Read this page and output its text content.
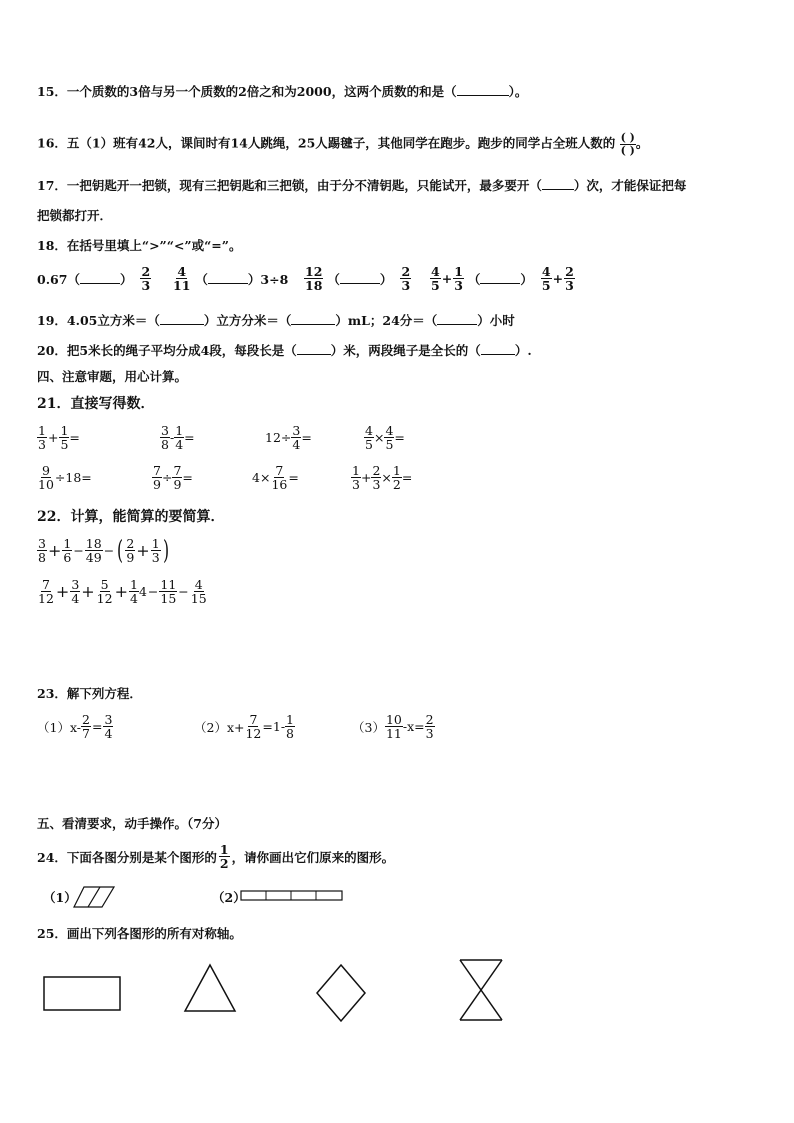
15．一个质数的3倍与另一个质数的2倍之和为2000，这两个质数的和是（	）。
16．五（1）班有42人，课间时有14人跳绳，25人踢毽子，其他同学在跑步。跑步的同学占全班人数的 $\frac{( )}{( )}$ 。
17．一把钥匙开一把锁，现有三把钥匙和三把锁，由于分不清钥匙，只能试开，最多要开（	）次，才能保证把每
把锁都打开．
18．在括号里填上“>”“<”或“=”。
0.67（	） $\frac{2}{3} \frac{4}{11}$ （	）$3\div 8 \frac{12}{18}$ （	） $\frac{2}{3} \frac{4}{5} + \frac{1}{3}$ （	） $\frac{4}{5} + \frac{2}{3}$
19．4.05立方米＝（	）立方分米＝（	）mL；24分＝（	）小时
20．把5米长的绳子平均分成4段，每段长是（	）米，两段绳子是全长的（	）.
四、注意审题，用心计算。
21．直接写得数．
$\frac{1}{3} + \frac{1}{5}$ =	$\frac{3}{8} - \frac{1}{4}$ =	$12\div \frac{3}{4}$ =	$\frac{4}{5} \times \frac{4}{5}$ =
$\frac{9}{10} \div 18=$	$\frac{7}{9} \div \frac{7}{9}$ =	$4\times \frac{7}{16}$ =	$\frac{1}{3} + \frac{2}{3} \times \frac{1}{2}$ =
22．计算，能简算的要简算．
$\frac{3}{8} + \frac{1}{6} - \frac{18}{49}$ − ( $\frac{2}{9} + \frac{1}{3}$ )
$\frac{7}{12} + \frac{3}{4} + \frac{5}{12} + \frac{1}{4} 4 - \frac{11}{15} - \frac{4}{15}$
23．解下列方程．
$(1)x- \frac{2}{7} = \frac{3}{4}$	$(2)x+ \frac{7}{12} =1- \frac{1}{8}$	$(3) \frac{10}{11} -x= \frac{2}{3}$
五、看清要求，动手操作。（7分）
24．下面各图分别是某个图形的 $\frac{1}{2}$ ，请你画出它们原来的图形。
（1）	（2）
25．画出下列各图形的所有对称轴。
